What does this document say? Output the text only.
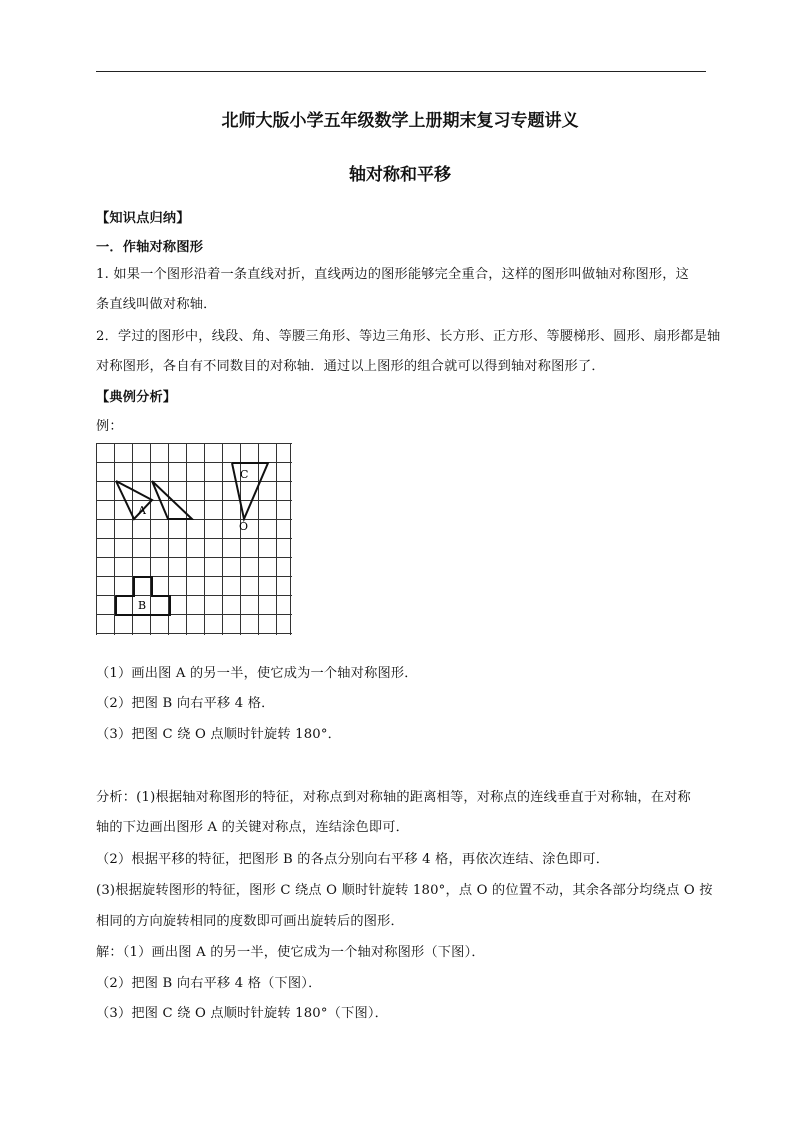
北师大版小学五年级数学上册期末复习专题讲义
轴对称和平移
【知识点归纳】
一．作轴对称图形
1. 如果一个图形沿着一条直线对折，直线两边的图形能够完全重合，这样的图形叫做轴对称图形，这
条直线叫做对称轴．
2．学过的图形中，线段、角、等腰三角形、等边三角形、长方形、正方形、等腰梯形、圆形、扇形都是轴
对称图形，各自有不同数目的对称轴．通过以上图形的组合就可以得到轴对称图形了．
【典例分析】
例：
A
B
C
O
（1）画出图 A 的另一半，使它成为一个轴对称图形．
（2）把图 B 向右平移 4 格．
（3）把图 C 绕 O 点顺时针旋转 180°．
分析：(1)根据轴对称图形的特征，对称点到对称轴的距离相等，对称点的连线垂直于对称轴，在对称
轴的下边画出图形 A 的关键对称点，连结涂色即可．
（2）根据平移的特征，把图形 B 的各点分别向右平移 4 格，再依次连结、涂色即可．
(3)根据旋转图形的特征，图形 C 绕点 O 顺时针旋转 180°，点 O 的位置不动，其余各部分均绕点 O 按
相同的方向旋转相同的度数即可画出旋转后的图形．
解：（1）画出图 A 的另一半，使它成为一个轴对称图形（下图）．
（2）把图 B 向右平移 4 格（下图）．
（3）把图 C 绕 O 点顺时针旋转 180°（下图）．
